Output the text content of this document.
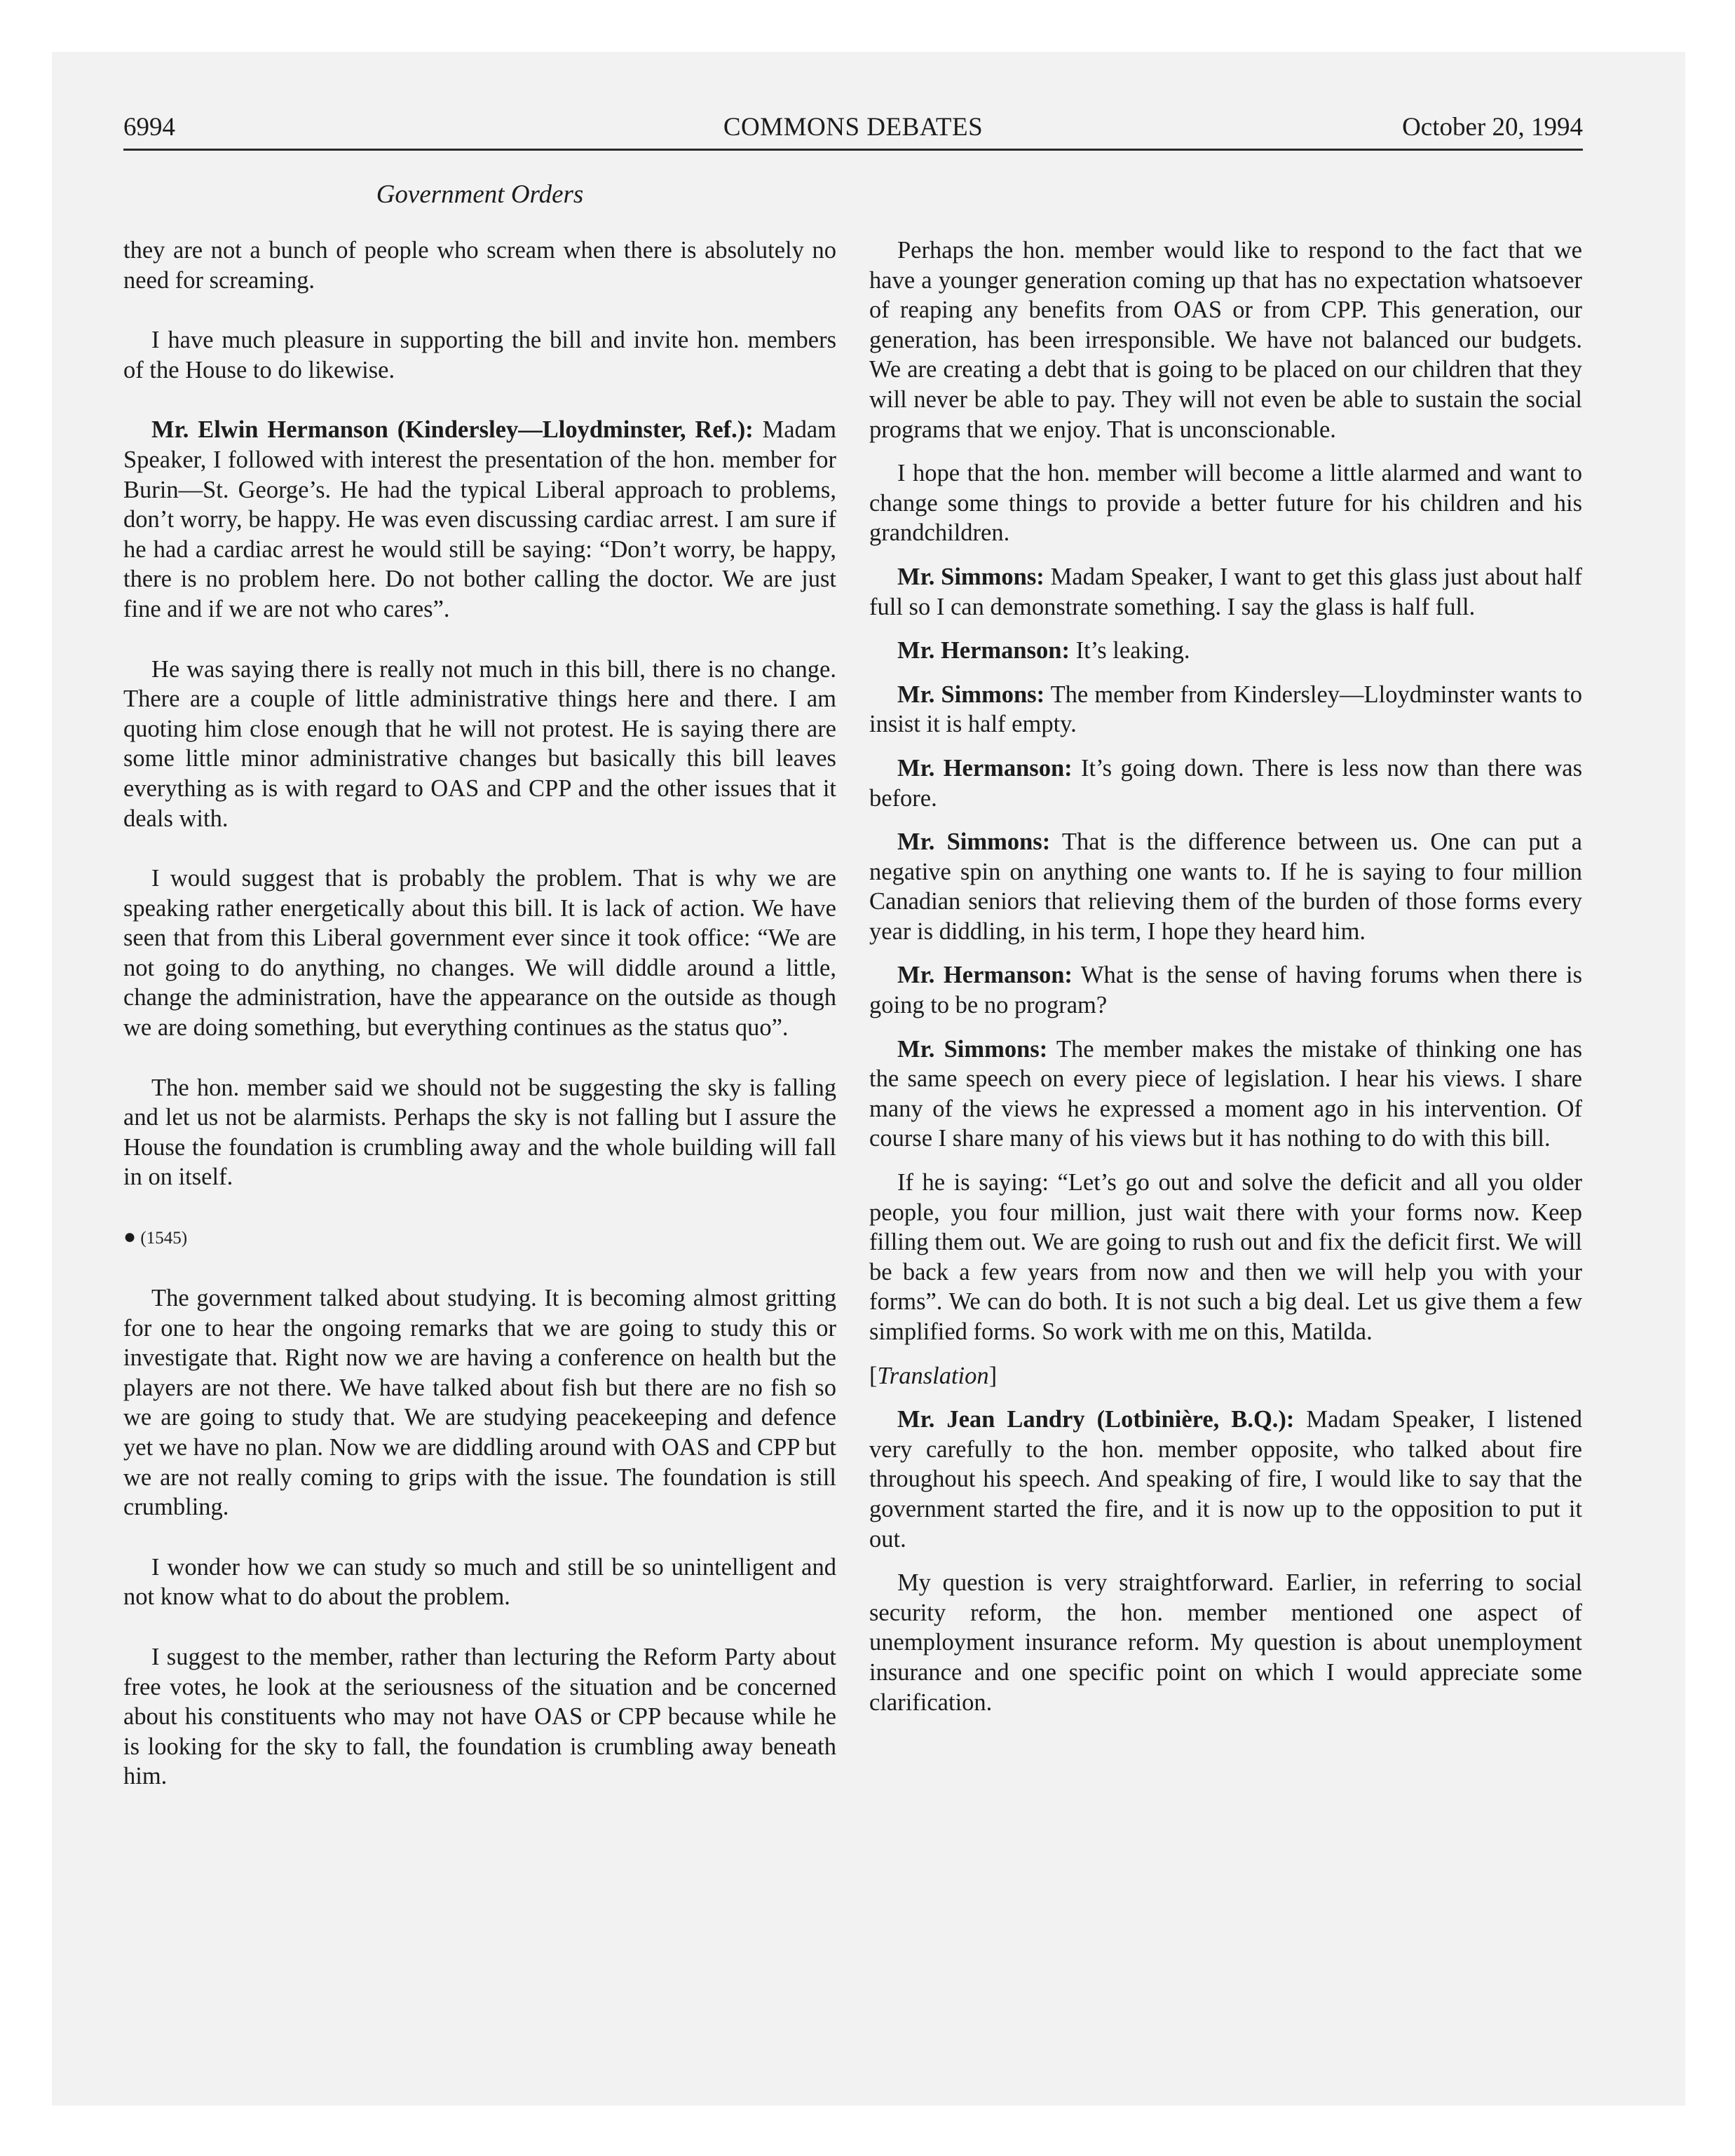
6994	COMMONS DEBATES	October 20, 1994
Government Orders

they are not a bunch of people who scream when there is absolutely no need for screaming.

I have much pleasure in supporting the bill and invite hon. members of the House to do likewise.

Mr. Elwin Hermanson (Kindersley—Lloydminster, Ref.): Madam Speaker, I followed with interest the presentation of the hon. member for Burin—St. George’s. He had the typical Liberal approach to problems, don’t worry, be happy. He was even discussing cardiac arrest. I am sure if he had a cardiac arrest he would still be saying: “Don’t worry, be happy, there is no problem here. Do not bother calling the doctor. We are just fine and if we are not who cares”.

He was saying there is really not much in this bill, there is no change. There are a couple of little administrative things here and there. I am quoting him close enough that he will not protest. He is saying there are some little minor administrative changes but basically this bill leaves everything as is with regard to OAS and CPP and the other issues that it deals with.

I would suggest that is probably the problem. That is why we are speaking rather energetically about this bill. It is lack of action. We have seen that from this Liberal government ever since it took office: “We are not going to do anything, no changes. We will diddle around a little, change the administration, have the appearance on the outside as though we are doing something, but everything continues as the status quo”.

The hon. member said we should not be suggesting the sky is falling and let us not be alarmists. Perhaps the sky is not falling but I assure the House the foundation is crumbling away and the whole building will fall in on itself.

● (1545)

The government talked about studying. It is becoming almost gritting for one to hear the ongoing remarks that we are going to study this or investigate that. Right now we are having a conference on health but the players are not there. We have talked about fish but there are no fish so we are going to study that. We are studying peacekeeping and defence yet we have no plan. Now we are diddling around with OAS and CPP but we are not really coming to grips with the issue. The foundation is still crumbling.

I wonder how we can study so much and still be so unintelligent and not know what to do about the problem.

I suggest to the member, rather than lecturing the Reform Party about free votes, he look at the seriousness of the situation and be concerned about his constituents who may not have OAS or CPP because while he is looking for the sky to fall, the foundation is crumbling away beneath him.

Perhaps the hon. member would like to respond to the fact that we have a younger generation coming up that has no expectation whatsoever of reaping any benefits from OAS or from CPP. This generation, our generation, has been irresponsible. We have not balanced our budgets. We are creating a debt that is going to be placed on our children that they will never be able to pay. They will not even be able to sustain the social programs that we enjoy. That is unconscionable.

I hope that the hon. member will become a little alarmed and want to change some things to provide a better future for his children and his grandchildren.

Mr. Simmons: Madam Speaker, I want to get this glass just about half full so I can demonstrate something. I say the glass is half full.

Mr. Hermanson: It’s leaking.

Mr. Simmons: The member from Kindersley—Lloydminster wants to insist it is half empty.

Mr. Hermanson: It’s going down. There is less now than there was before.

Mr. Simmons: That is the difference between us. One can put a negative spin on anything one wants to. If he is saying to four million Canadian seniors that relieving them of the burden of those forms every year is diddling, in his term, I hope they heard him.

Mr. Hermanson: What is the sense of having forums when there is going to be no program?

Mr. Simmons: The member makes the mistake of thinking one has the same speech on every piece of legislation. I hear his views. I share many of the views he expressed a moment ago in his intervention. Of course I share many of his views but it has nothing to do with this bill.

If he is saying: “Let’s go out and solve the deficit and all you older people, you four million, just wait there with your forms now. Keep filling them out. We are going to rush out and fix the deficit first. We will be back a few years from now and then we will help you with your forms”. We can do both. It is not such a big deal. Let us give them a few simplified forms. So work with me on this, Matilda.

[Translation]

Mr. Jean Landry (Lotbinière, B.Q.): Madam Speaker, I listened very carefully to the hon. member opposite, who talked about fire throughout his speech. And speaking of fire, I would like to say that the government started the fire, and it is now up to the opposition to put it out.

My question is very straightforward. Earlier, in referring to social security reform, the hon. member mentioned one aspect of unemployment insurance reform. My question is about unemployment insurance and one specific point on which I would appreciate some clarification.
